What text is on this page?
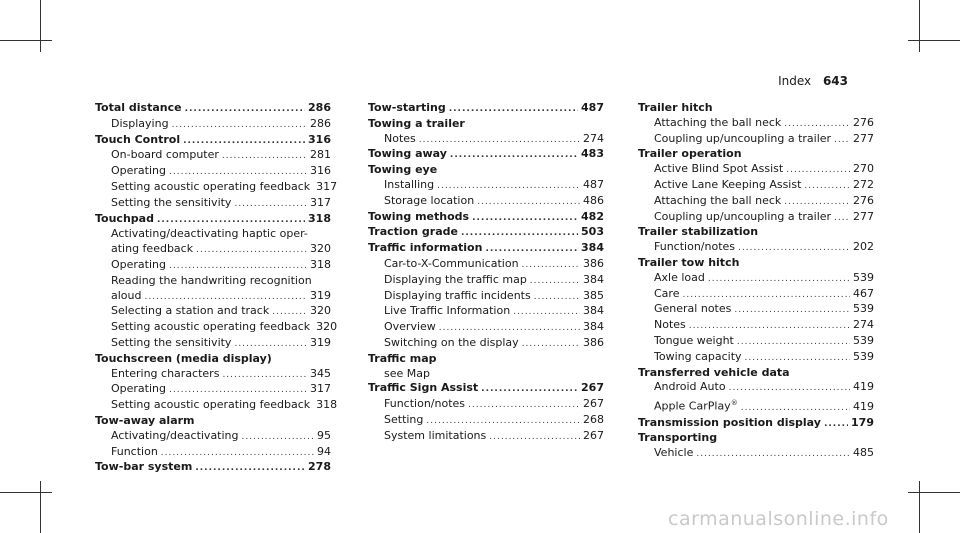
Index 643
Total distance .....	286
Displaying .....	286
Touch Control .....	316
On-board computer .....	281
Operating .....	316
Setting acoustic operating feedback 317
Setting the sensitivity .....	317
Touchpad .....	318
Activating/deactivating haptic oper-
ating feedback .....	320
Operating .....	318
Reading the handwriting recognition
aloud .....	319
Selecting a station and track .....	320
Setting acoustic operating feedback 320
Setting the sensitivity .....	319
Touchscreen (media display)
Entering characters .....	345
Operating .....	317
Setting acoustic operating feedback 318
Tow-away alarm
Activating/deactivating .....	95
Function .....	94
Tow-bar system .....	278
Tow-starting .....	487
Towing a trailer
Notes .....	274
Towing away .....	483
Towing eye
Installing .....	487
Storage location .....	486
Towing methods .....	482
Traction grade .....	503
Traffic information .....	384
Car-to-X-Communication .....	386
Displaying the traffic map .....	384
Displaying traffic incidents .....	385
Live Traffic Information .....	384
Overview .....	384
Switching on the display .....	386
Traffic map
see Map
Traffic Sign Assist .....	267
Function/notes .....	267
Setting .....	268
System limitations .....	267
Trailer hitch
Attaching the ball neck .....	276
Coupling up/uncoupling a trailer ..... 277
Trailer operation
Active Blind Spot Assist .....	270
Active Lane Keeping Assist .....	272
Attaching the ball neck .....	276
Coupling up/uncoupling a trailer ..... 277
Trailer stabilization
Function/notes .....	202
Trailer tow hitch
Axle load .....	539
Care .....	467
General notes .....	539
Notes .....	274
Tongue weight .....	539
Towing capacity .....	539
Transferred vehicle data
Android Auto .....	419
Apple CarPlay® .....	419
Transmission position display .....	179
Transporting
Vehicle .....	485
carmanualsonline.info
